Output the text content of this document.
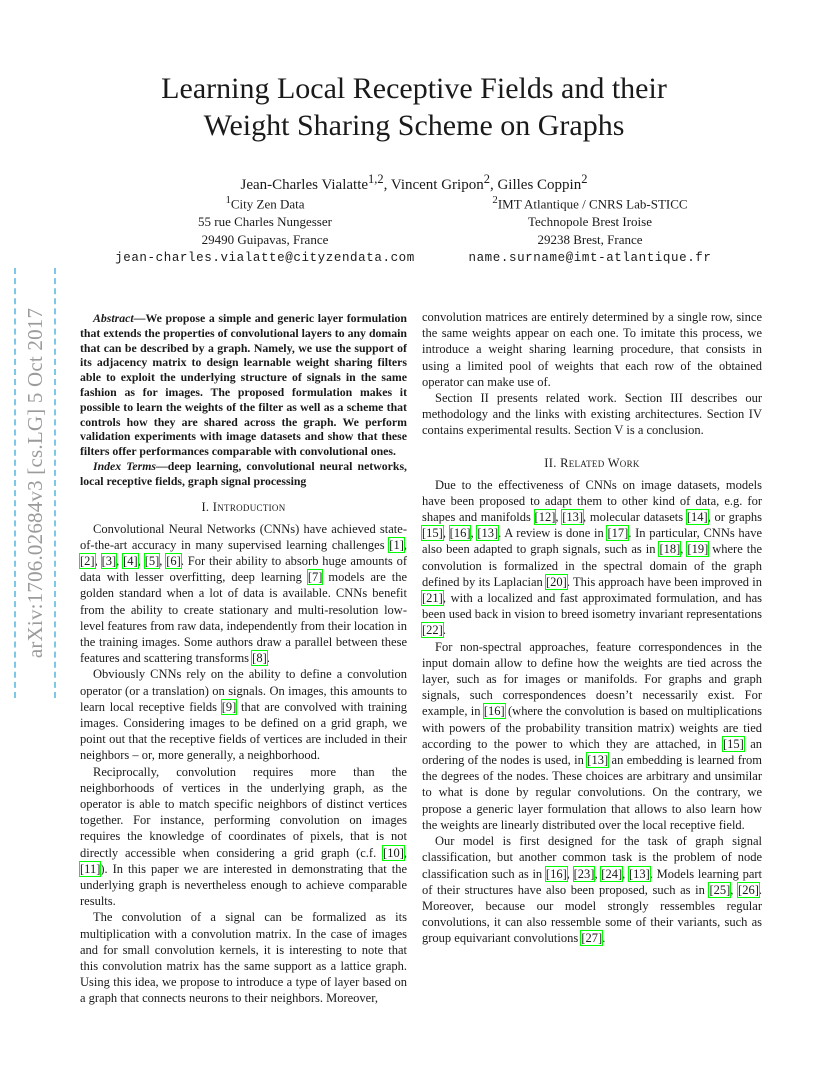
Learning Local Receptive Fields and their
Weight Sharing Scheme on Graphs
Jean-Charles Vialatte$^{1,2}$, Vincent Gripon$^2$, Gilles Coppin$^2$
$^1$City Zen Data
55 rue Charles Nungesser
29490 Guipavas, France
jean-charles.vialatte@cityzendata.com
$^2$IMT Atlantique / CNRS Lab-STICC
Technopole Brest Iroise
29238 Brest, France
name.surname@imt-atlantique.fr
arXiv:1706.02684v3 [cs.LG] 5 Oct 2017	Abstract—We propose a simple and generic layer formulation that extends the properties of convolutional layers to any domain that can be described by a graph. Namely, we use the support of its adjacency matrix to design learnable weight sharing filters able to exploit the underlying structure of signals in the same fashion as for images. The proposed formulation makes it possible to learn the weights of the filter as well as a scheme that controls how they are shared across the graph. We perform validation experiments with image datasets and show that these filters offer performances comparable with convolutional ones.

Index Terms—deep learning, convolutional neural networks, local receptive fields, graph signal processing

I. Introduction

Convolutional Neural Networks (CNNs) have achieved state-of-the-art accuracy in many supervised learning challenges [1], [2], [3], [4], [5], [6]. For their ability to absorb huge amounts of data with lesser overfitting, deep learning [7] models are the golden standard when a lot of data is available. CNNs benefit from the ability to create stationary and multi-resolution low-level features from raw data, independently from their location in the training images. Some authors draw a parallel between these features and scattering transforms [8].

Obviously CNNs rely on the ability to define a convolution operator (or a translation) on signals. On images, this amounts to learn local receptive fields [9] that are convolved with training images. Considering images to be defined on a grid graph, we point out that the receptive fields of vertices are included in their neighbors – or, more generally, a neighborhood.

Reciprocally, convolution requires more than the neighborhoods of vertices in the underlying graph, as the operator is able to match specific neighbors of distinct vertices together. For instance, performing convolution on images requires the knowledge of coordinates of pixels, that is not directly accessible when considering a grid graph (c.f. [10], [11]). In this paper we are interested in demonstrating that the underlying graph is nevertheless enough to achieve comparable results.

The convolution of a signal can be formalized as its multiplication with a convolution matrix. In the case of images and for small convolution kernels, it is interesting to note that this convolution matrix has the same support as a lattice graph. Using this idea, we propose to introduce a type of layer based on a graph that connects neurons to their neighbors. Moreover,

convolution matrices are entirely determined by a single row, since the same weights appear on each one. To imitate this process, we introduce a weight sharing learning procedure, that consists in using a limited pool of weights that each row of the obtained operator can make use of.

Section II presents related work. Section III describes our methodology and the links with existing architectures. Section IV contains experimental results. Section V is a conclusion.

II. Related Work

Due to the effectiveness of CNNs on image datasets, models have been proposed to adapt them to other kind of data, e.g. for shapes and manifolds [12], [13], molecular datasets [14], or graphs [15], [16], [13]. A review is done in [17]. In particular, CNNs have also been adapted to graph signals, such as in [18], [19] where the convolution is formalized in the spectral domain of the graph defined by its Laplacian [20]. This approach have been improved in [21], with a localized and fast approximated formulation, and has been used back in vision to breed isometry invariant representations [22].

For non-spectral approaches, feature correspondences in the input domain allow to define how the weights are tied across the layer, such as for images or manifolds. For graphs and graph signals, such correspondences doesn’t necessarily exist. For example, in [16] (where the convolution is based on multiplications with powers of the probability transition matrix) weights are tied according to the power to which they are attached, in [15] an ordering of the nodes is used, in [13] an embedding is learned from the degrees of the nodes. These choices are arbitrary and unsimilar to what is done by regular convolutions. On the contrary, we propose a generic layer formulation that allows to also learn how the weights are linearly distributed over the local receptive field.

Our model is first designed for the task of graph signal classification, but another common task is the problem of node classification such as in [16], [23], [24], [13]. Models learning part of their structures have also been proposed, such as in [25], [26]. Moreover, because our model strongly ressembles regular convolutions, it can also ressemble some of their variants, such as group equivariant convolutions [27].
